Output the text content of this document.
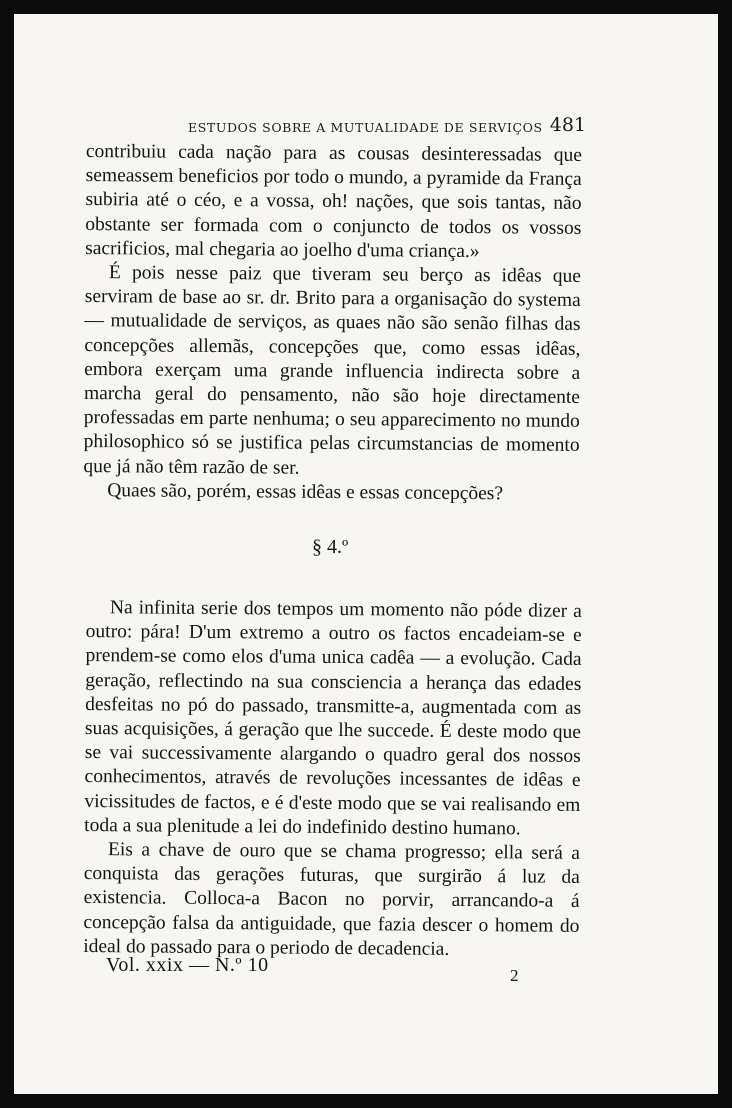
ESTUDOS SOBRE A MUTUALIDADE DE SERVIÇOS 481

contribuiu cada nação para as cousas desinteressadas que semeassem beneficios por todo o mundo, a pyramide da França subiria até o céo, e a vossa, oh! nações, que sois tantas, não obstante ser formada com o conjuncto de todos os vossos sacrificios, mal chegaria ao joelho d'uma criança.»

É pois nesse paiz que tiveram seu berço as idêas que serviram de base ao sr. dr. Brito para a organisação do systema — mutualidade de serviços, as quaes não são senão filhas das concepções allemãs, concepções que, como essas idêas, embora exerçam uma grande influencia indirecta sobre a marcha geral do pensamento, não são hoje directamente professadas em parte nenhuma; o seu apparecimento no mundo philosophico só se justifica pelas circumstancias de momento que já não têm razão de ser.

Quaes são, porém, essas idêas e essas concepções?

§ 4.º

Na infinita serie dos tempos um momento não póde dizer a outro: pára! D'um extremo a outro os factos encadeiam-se e prendem-se como elos d'uma unica cadêa — a evolução. Cada geração, reflectindo na sua consciencia a herança das edades desfeitas no pó do passado, transmitte-a, augmentada com as suas acquisições, á geração que lhe succede. É deste modo que se vai successivamente alargando o quadro geral dos nossos conhecimentos, através de revoluções incessantes de idêas e vicissitudes de factos, e é d'este modo que se vai realisando em toda a sua plenitude a lei do indefinido destino humano.

Eis a chave de ouro que se chama progresso; ella será a conquista das gerações futuras, que surgirão á luz da existencia. Colloca-a Bacon no porvir, arrancando-a á concepção falsa da antiguidade, que fazia descer o homem do ideal do passado para o periodo de decadencia.

Vol. xxix — N.º 10	2
